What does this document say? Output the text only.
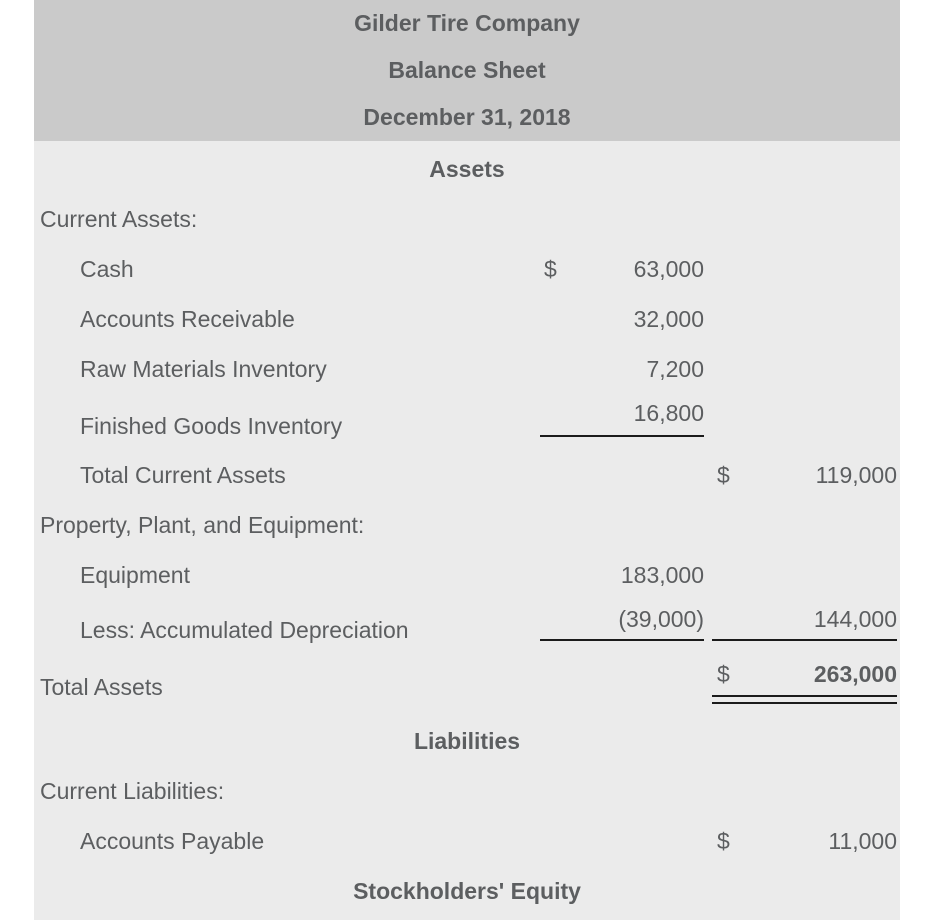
Gilder Tire Company
Balance Sheet
December 31, 2018
Assets
Current Assets:
Cash	$	63,000
Accounts Receivable	32,000
Raw Materials Inventory	7,200
Finished Goods Inventory	16,800
Total Current Assets	$	119,000
Property, Plant, and Equipment:
Equipment	183,000
Less: Accumulated Depreciation	(39,000)	144,000
Total Assets	$	263,000
Liabilities
Current Liabilities:
Accounts Payable	$	11,000
Stockholders' Equity
